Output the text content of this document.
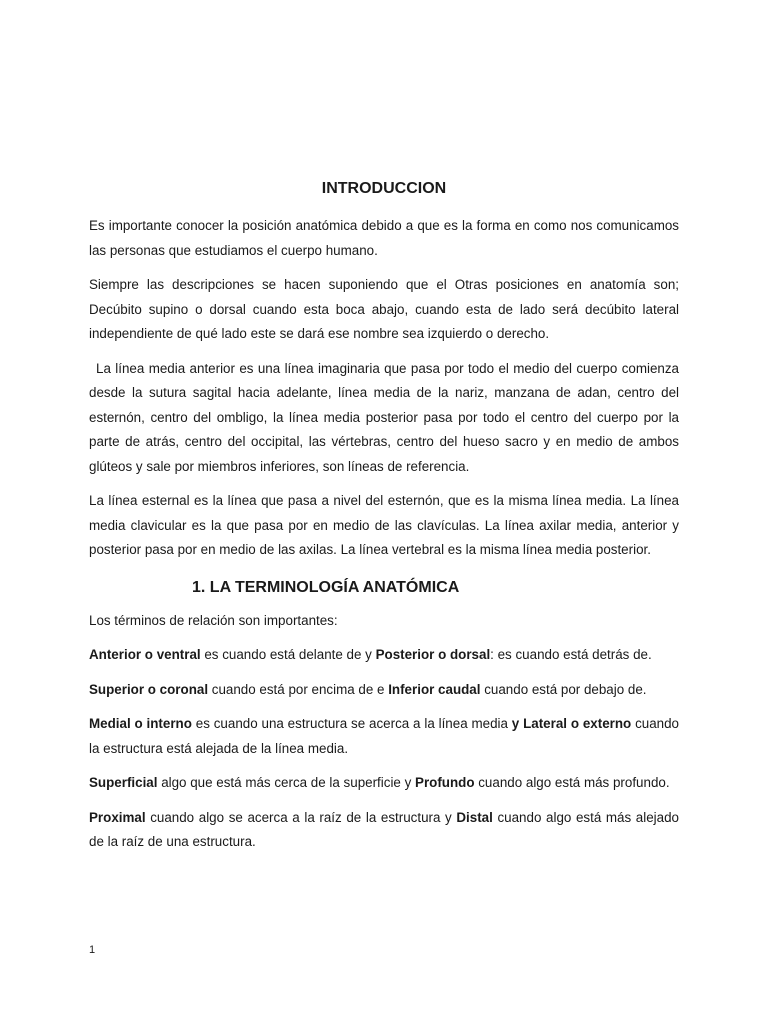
INTRODUCCION

Es importante conocer la posición anatómica debido a que es la forma en como nos comunicamos las personas que estudiamos el cuerpo humano.

Siempre las descripciones se hacen suponiendo que el Otras posiciones en anatomía son; Decúbito supino o dorsal cuando esta boca abajo, cuando esta de lado será decúbito lateral independiente de qué lado este se dará ese nombre sea izquierdo o derecho.

La línea media anterior es una línea imaginaria que pasa por todo el medio del cuerpo comienza desde la sutura sagital hacia adelante, línea media de la nariz, manzana de adan, centro del esternón, centro del ombligo, la línea media posterior pasa por todo el centro del cuerpo por la parte de atrás, centro del occipital, las vértebras, centro del hueso sacro y en medio de ambos glúteos y sale por miembros inferiores, son líneas de referencia.

La línea esternal es la línea que pasa a nivel del esternón, que es la misma línea media. La línea media clavicular es la que pasa por en medio de las clavículas. La línea axilar media, anterior y posterior pasa por en medio de las axilas. La línea vertebral es la misma línea media posterior.

1. LA TERMINOLOGÍA ANATÓMICA

Los términos de relación son importantes:

Anterior o ventral es cuando está delante de y Posterior o dorsal: es cuando está detrás de.

Superior o coronal cuando está por encima de e Inferior caudal cuando está por debajo de.

Medial o interno es cuando una estructura se acerca a la línea media y Lateral o externo cuando la estructura está alejada de la línea media.

Superficial algo que está más cerca de la superficie y Profundo cuando algo está más profundo.

Proximal cuando algo se acerca a la raíz de la estructura y Distal cuando algo está más alejado de la raíz de una estructura.

1
